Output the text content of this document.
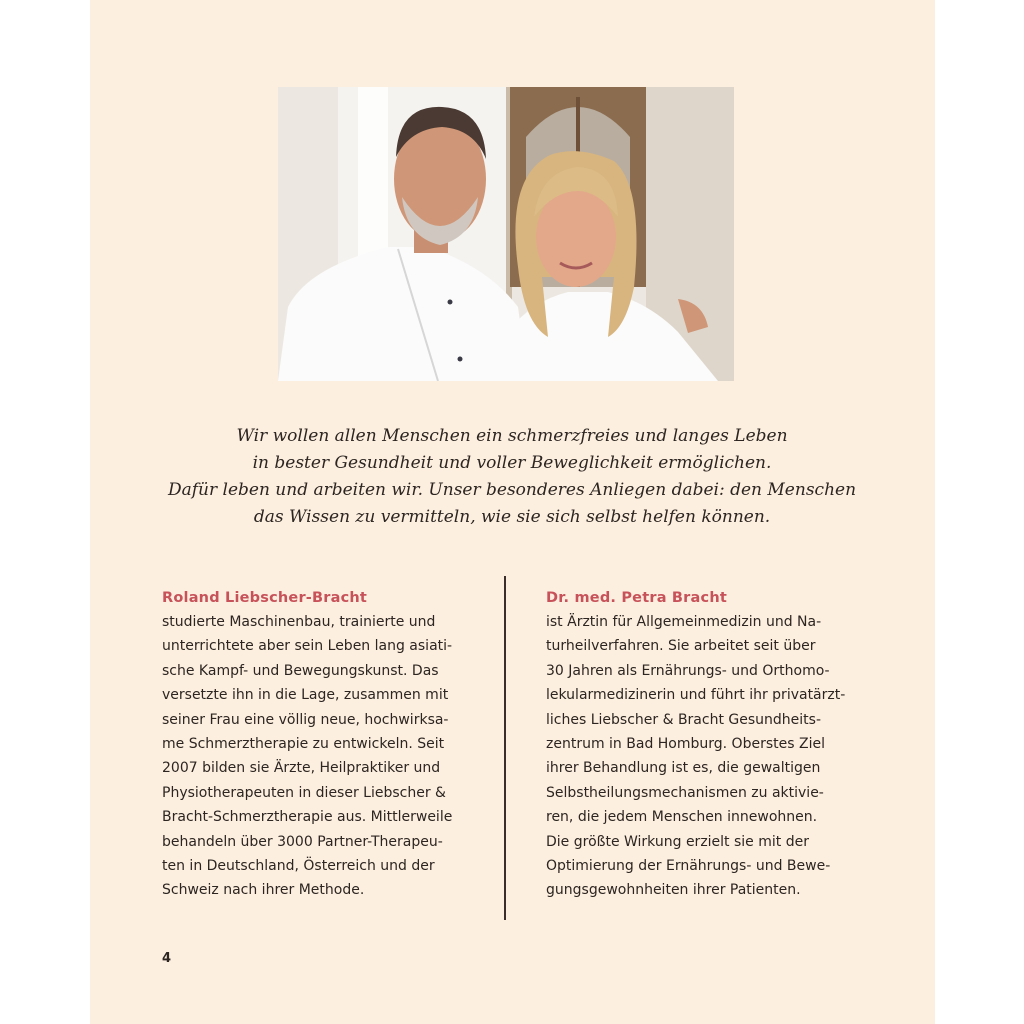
Wir wollen allen Menschen ein schmerzfreies und langes Leben
in bester Gesundheit und voller Beweglichkeit ermöglichen.
Dafür leben und arbeiten wir. Unser besonderes Anliegen dabei: den Menschen
das Wissen zu vermitteln, wie sie sich selbst helfen können.
Roland Liebscher-Bracht
studierte Maschinenbau, trainierte und
unterrichtete aber sein Leben lang asiati-
sche Kampf- und Bewegungskunst. Das
versetzte ihn in die Lage, zusammen mit
seiner Frau eine völlig neue, hochwirksa-
me Schmerztherapie zu entwickeln. Seit
2007 bilden sie Ärzte, Heilpraktiker und
Physiotherapeuten in dieser Liebscher &
Bracht-Schmerztherapie aus. Mittlerweile
behandeln über 3000 Partner-Therapeu-
ten in Deutschland, Österreich und der
Schweiz nach ihrer Methode.
Dr. med. Petra Bracht
ist Ärztin für Allgemeinmedizin und Na-
turheilverfahren. Sie arbeitet seit über
30 Jahren als Ernährungs- und Orthomo-
lekularmedizinerin und führt ihr privatärzt-
liches Liebscher & Bracht Gesundheits-
zentrum in Bad Homburg. Oberstes Ziel
ihrer Behandlung ist es, die gewaltigen
Selbstheilungsmechanismen zu aktivie-
ren, die jedem Menschen innewohnen.
Die größte Wirkung erzielt sie mit der
Optimierung der Ernährungs- und Bewe-
gungsgewohnheiten ihrer Patienten.
4
